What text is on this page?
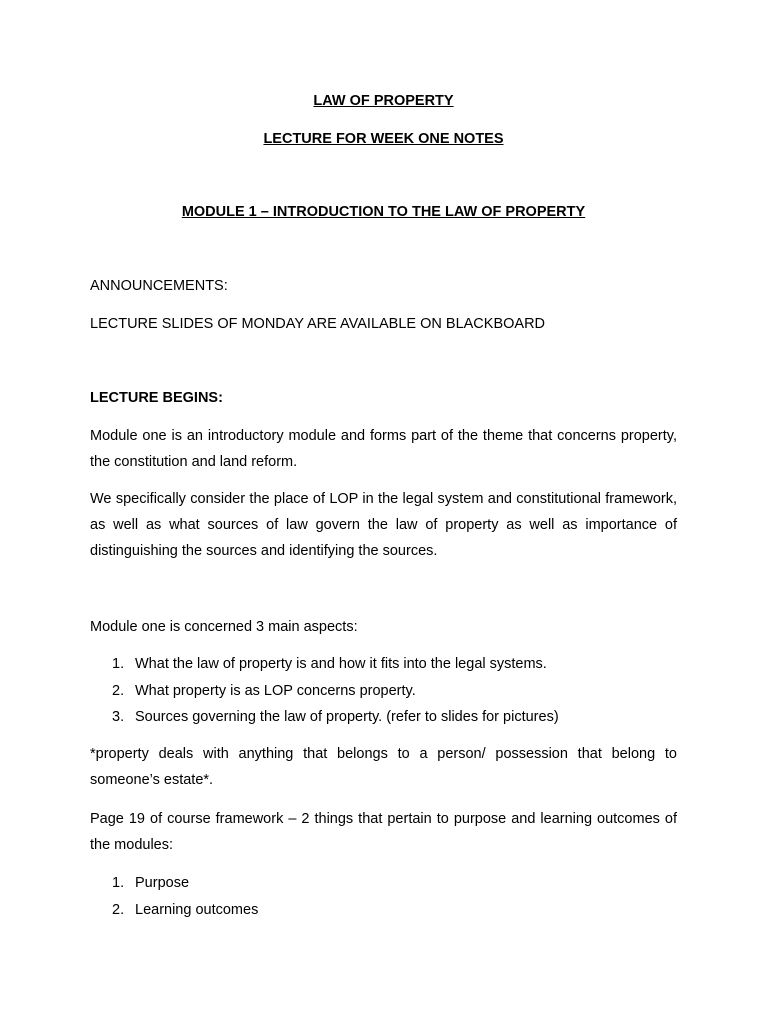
LAW OF PROPERTY
LECTURE FOR WEEK ONE NOTES
MODULE 1 – INTRODUCTION TO THE LAW OF PROPERTY
ANNOUNCEMENTS:
LECTURE SLIDES OF MONDAY ARE AVAILABLE ON BLACKBOARD
LECTURE BEGINS:
Module one is an introductory module and forms part of the theme that concerns property, the constitution and land reform.
We specifically consider the place of LOP in the legal system and constitutional framework, as well as what sources of law govern the law of property as well as importance of distinguishing the sources and identifying the sources.
Module one is concerned 3 main aspects:
1. What the law of property is and how it fits into the legal systems.
2. What property is as LOP concerns property.
3. Sources governing the law of property. (refer to slides for pictures)
*property deals with anything that belongs to a person/ possession that belong to someone’s estate*.
Page 19 of course framework – 2 things that pertain to purpose and learning outcomes of the modules:
1. Purpose
2. Learning outcomes
